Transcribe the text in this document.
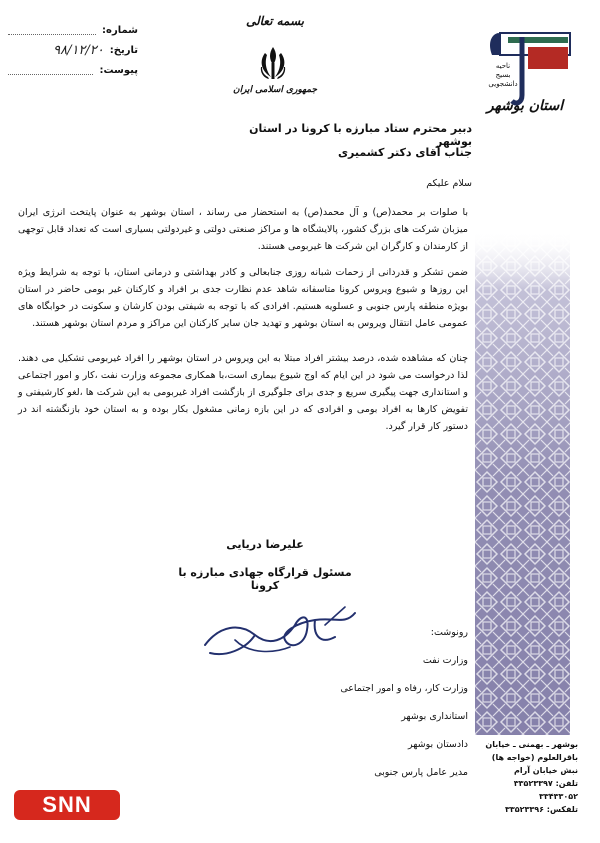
شماره:
تاریخ:
۹۸/۱۲/۲۰
پیوست:
بسمه تعالی
جمهوری اسلامی ایران
ناحیه
بسیج
دانشجویی
استان بوشهر
بوشهر ـ بهمنی ـ خیابان
باقرالعلوم (خواجه ها)
نبش خیابان آرام
تلفن: ۳۳۵۲۳۳۹۷
۳۳۴۳۳۰۵۲
تلفکس: ۳۳۵۲۳۳۹۶
دبیر محترم ستاد مبارزه با کرونا در استان بوشهر
جناب آقای دکتر کشمیری
سلام علیکم
با صلوات بر محمد(ص) و آل محمد(ص) به استحضار می رساند ، استان بوشهر به عنوان پایتخت انرژی ایران میزبان شرکت های بزرگ کشور، پالایشگاه ها و مراکز صنعتی دولتی و غیردولتی بسیاری است که تعداد قابل توجهی از کارمندان و کارگران این شرکت ها غیربومی هستند.
ضمن تشکر و قدردانی از زحمات شبانه روزی جنابعالی و کادر بهداشتی و درمانی استان، با توجه به شرایط ویژه این روزها و شیوع ویروس کرونا متاسفانه شاهد عدم نظارت جدی بر افراد و کارکنان غیر بومی حاضر در استان بویژه منطقه پارس جنوبی و عسلویه هستیم. افرادی که با توجه به شیفتی بودن کارشان و سکونت در خوابگاه های عمومی عامل انتقال ویروس به استان بوشهر و تهدید جان سایر کارکنان این مراکز و مردم استان بوشهر هستند.
چنان که مشاهده شده، درصد بیشتر افراد مبتلا به این ویروس در استان بوشهر را افراد غیربومی تشکیل می دهند. لذا درخواست می شود در این ایام که اوج شیوع بیماری است،با همکاری مجموعه وزارت نفت ،کار و امور اجتماعی و استانداری جهت پیگیری سریع و جدی برای جلوگیری از بازگشت افراد غیربومی به این شرکت ها ،لغو کارشیفتی و تفویض کارها به افراد بومی و افرادی که در این بازه زمانی مشغول بکار بوده و به استان خود بازنگشته اند در دستور کار قرار گیرد.
علیرضا دریایی
مسئول قرارگاه جهادی مبارزه با کرونا
رونوشت:
وزارت نفت
وزارت کار، رفاه و امور اجتماعی
استانداری بوشهر
دادستان بوشهر
مدیر عامل پارس جنوبی
SNN
